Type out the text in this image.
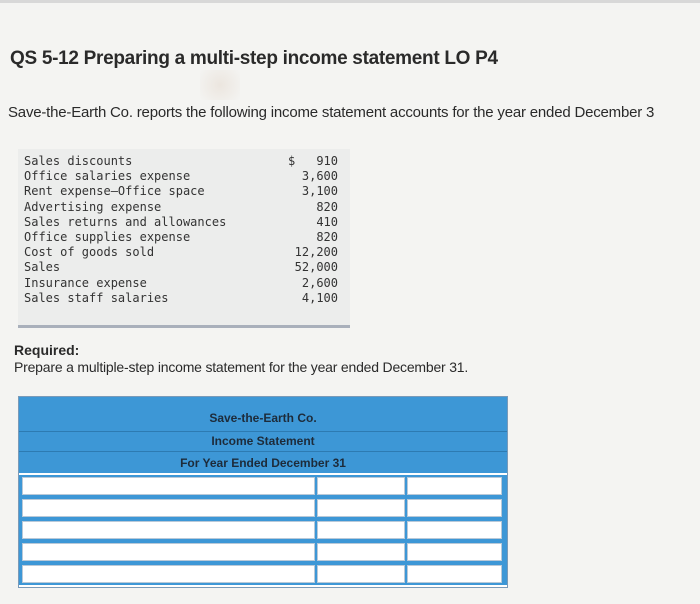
QS 5-12 Preparing a multi-step income statement LO P4
Save-the-Earth Co. reports the following income statement accounts for the year ended December 3
Sales discounts	$ 910
Office salaries expense	3,600
Rent expense—Office space	3,100
Advertising expense	820
Sales returns and allowances	410
Office supplies expense	820
Cost of goods sold	12,200
Sales	52,000
Insurance expense	2,600
Sales staff salaries	4,100
Required:
Prepare a multiple-step income statement for the year ended December 31.
Save-the-Earth Co.
Income Statement
For Year Ended December 31
